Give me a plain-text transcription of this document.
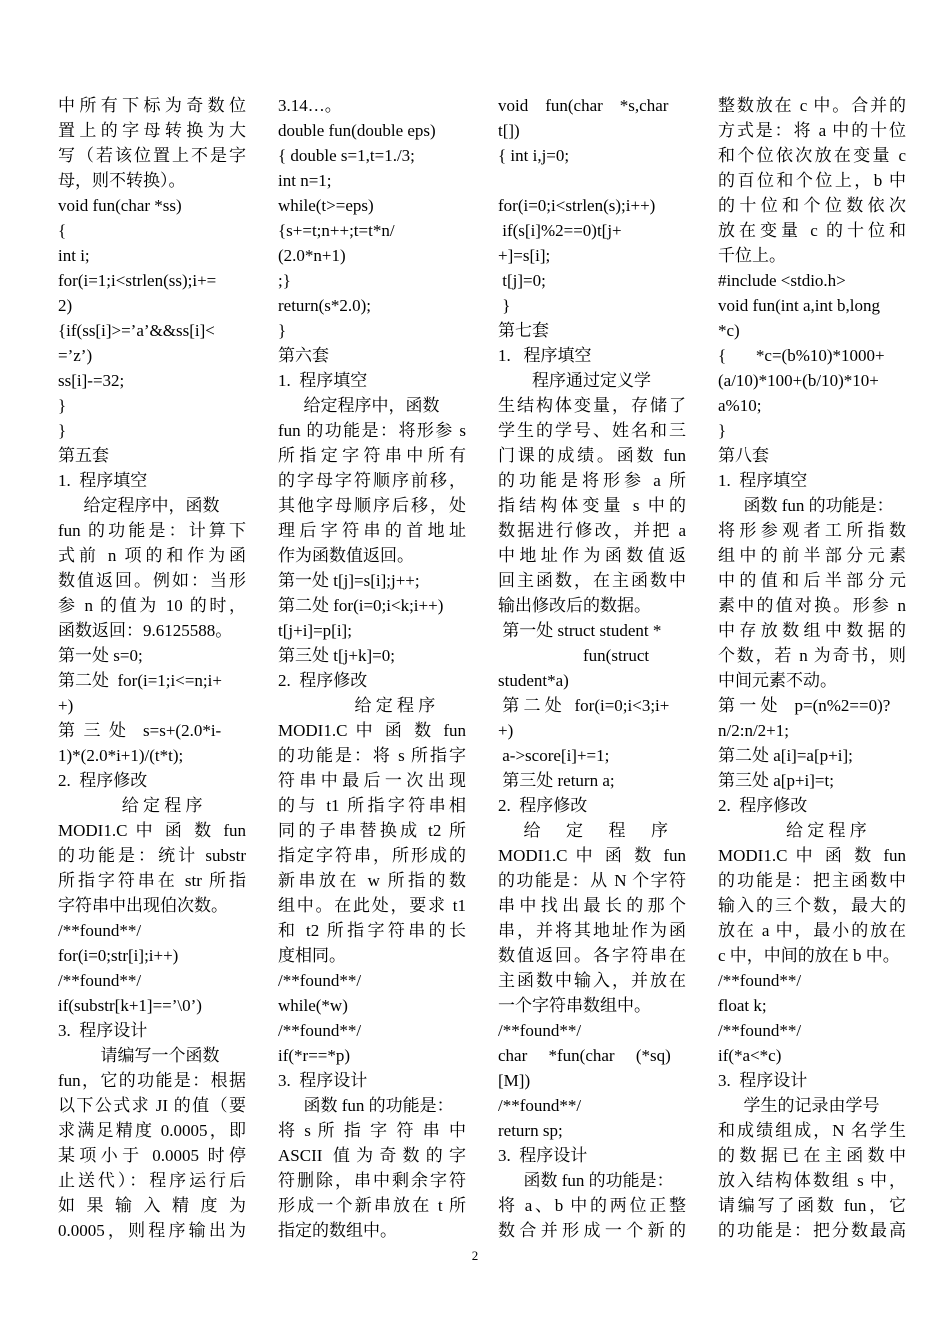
中所有下标为奇数位
置上的字母转换为大
写（若该位置上不是字
母，则不转换）。
void fun(char *ss)
{
int i;
for(i=1;i<strlen(ss);i+=
2)
{if(ss[i]>=’a’&&ss[i]<
=’z’)
ss[i]-=32;
}
}
第五套
1.  程序填空
给定程序中，函数
fun 的功能是：计算下
式前 n 项的和作为函
数值返回。例如：当形
参 n 的值为 10 的时，
函数返回：9.6125588。
第一处 s=0;
第二处  for(i=1;i<=n;i+
+)
第  三  处    s=s+(2.0*i-
1)*(2.0*i+1)/(t*t);
2.  程序修改
给 定 程 序
MODI1.C 中 函 数 fun
的功能是：统计 substr
所指字符串在 str 所指
字符串中出现伯次数。
/**found**/
for(i=0;str[i];i++)
/**found**/
if(substr[k+1]==’\0’)
3.  程序设计
请编写一个函数
fun，它的功能是：根据
以下公式求 JI 的值（要
求满足精度 0.0005，即
某项小于 0.0005 时停
止送代）：程序运行后
如 果 输 入 精 度 为
0.0005，则程序输出为
3.14…。
double fun(double eps)
{ double s=1,t=1./3;
int n=1;
while(t>=eps)
{s+=t;n++;t=t*n/
(2.0*n+1)
;}
return(s*2.0);
}
第六套
1.  程序填空
给定程序中，函数
fun 的功能是：将形参 s
所指定字符串中所有
的字母字符顺序前移，
其他字母顺序后移，处
理后字符串的首地址
作为函数值返回。
第一处 t[j]=s[i];j++;
第二处 for(i=0;i<k;i++)
t[j+i]=p[i];
第三处 t[j+k]=0;
2.  程序修改
给 定 程 序
MODI1.C 中 函 数 fun
的功能是：将 s 所指字
符串中最后一次出现
的与 t1 所指字符串相
同的子串替换成 t2 所
指定字符串，所形成的
新串放在 w 所指的数
组中。在此处，要求 t1
和 t2 所指字符串的长
度相同。
/**found**/
while(*w)
/**found**/
if(*r==*p)
3.  程序设计
函数 fun 的功能是：
将 s 所 指 字 符 串 中
ASCII 值为奇数的字
符删除，串中剩余字符
形成一个新串放在 t 所
指定的数组中。
void    fun(char    *s,char
t[])
{ int i,j=0;
for(i=0;i<strlen(s);i++)
if(s[i]%2==0)t[j+
+]=s[i];
t[j]=0;
}
第七套
1.   程序填空
程序通过定义学
生结构体变量，存储了
学生的学号、姓名和三
门课的成绩。函数 fun
的功能是将形参 a 所
指结构体变量 s 中的
数据进行修改，并把 a
中地址作为函数值返
回主函数，在主函数中
输出修改后的数据。
第一处 struct student *
fun(struct
student*a)
第 二 处   for(i=0;i<3;i+
+)
a->score[i]+=1;
第三处 return a;
2.  程序修改
给      定      程      序
MODI1.C 中 函 数 fun
的功能是：从 N 个字符
串中找出最长的那个
串，并将其地址作为函
数值返回。各字符串在
主函数中输入，并放在
一个字符串数组中。
/**found**/
char     *fun(char     (*sq)
[M])
/**found**/
return sp;
3.  程序设计
函数 fun 的功能是：
将 a、b 中的两位正整
数合并形成一个新的
整数放在 c 中。合并的
方式是：将 a 中的十位
和个位依次放在变量 c
的百位和个位上，b 中
的十位和个位数依次
放在变量 c 的十位和
千位上。
#include <stdio.h>
void fun(int a,int b,long
*c)
{       *c=(b%10)*1000+
(a/10)*100+(b/10)*10+
a%10;
}
第八套
1.  程序填空
函数 fun 的功能是：
将形参观者工所指数
组中的前半部分元素
中的值和后半部分元
素中的值对换。形参 n
中存放数组中数据的
个数，若 n 为奇书，则
中间元素不动。
第 一 处    p=(n%2==0)?
n/2:n/2+1;
第二处 a[i]=a[p+i];
第三处 a[p+i]=t;
2.  程序修改
给 定 程 序
MODI1.C 中 函 数 fun
的功能是：把主函数中
输入的三个数，最大的
放在 a 中，最小的放在
c 中，中间的放在 b 中。
/**found**/
float k;
/**found**/
if(*a<*c)
3.  程序设计
学生的记录由学号
和成绩组成，N 名学生
的数据已在主函数中
放入结构体数组 s 中，
请编写了函数 fun，它
的功能是：把分数最高
2
